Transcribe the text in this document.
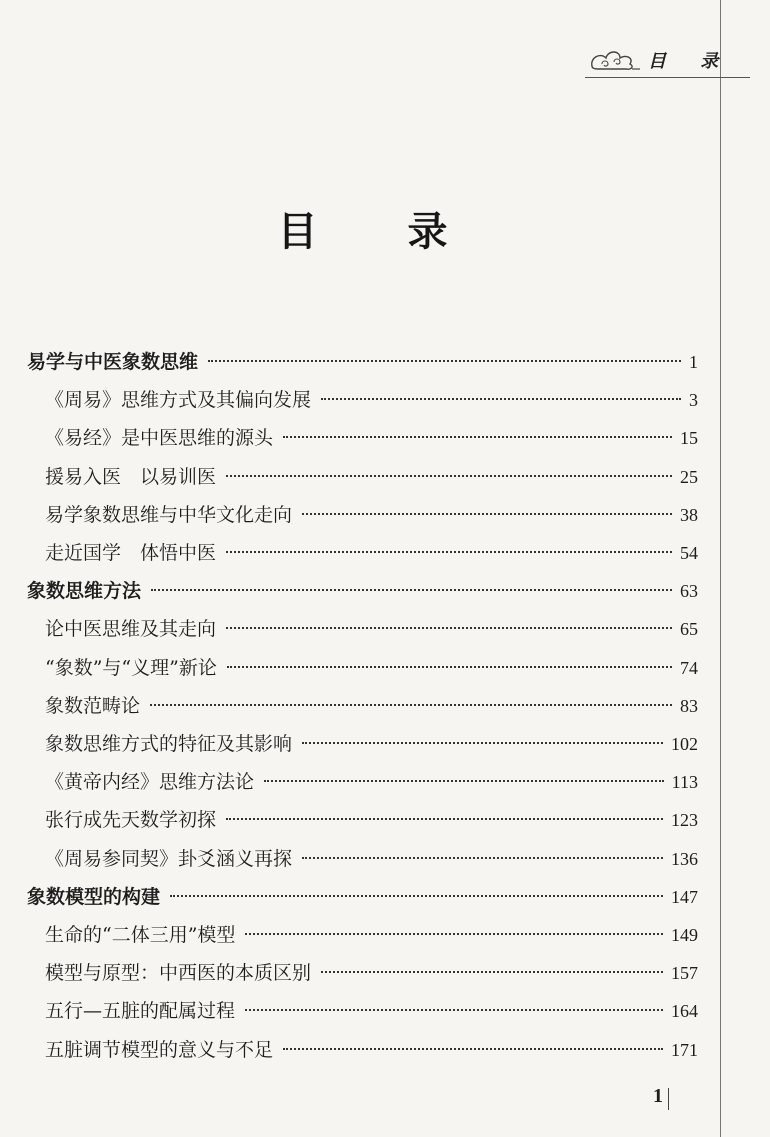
目 录
目 录
易学与中医象数思维	1
《周易》思维方式及其偏向发展	3
《易经》是中医思维的源头	15
援易入医　以易训医	25
易学象数思维与中华文化走向	38
走近国学　体悟中医	54
象数思维方法	63
论中医思维及其走向	65
“象数”与“义理”新论	74
象数范畴论	83
象数思维方式的特征及其影响	102
《黄帝内经》思维方法论	113
张行成先天数学初探	123
《周易参同契》卦爻涵义再探	136
象数模型的构建	147
生命的“二体三用”模型	149
模型与原型：中西医的本质区别	157
五行—五脏的配属过程	164
五脏调节模型的意义与不足	171
1
